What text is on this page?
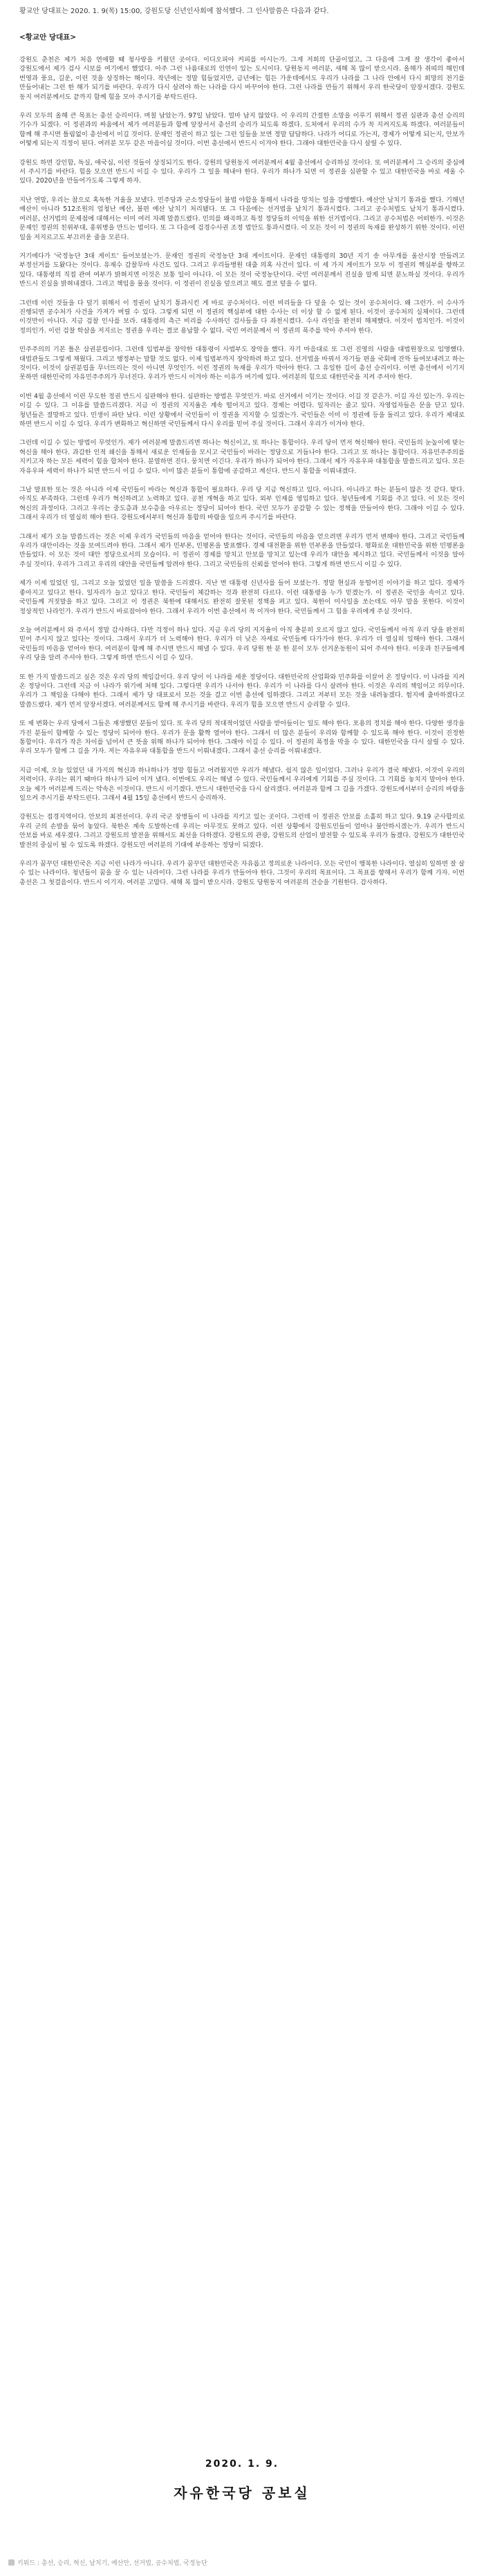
황교안 당대표는 2020. 1. 9(목) 15:00, 강원도당 신년인사회에 참석했다. 그 인사말씀은 다음과 같다.
<황교안 당대표>

강원도 춘천은 제가 처음 연애할 때 청사랑을 키웠던 곳이다. 이디오피아 커피를 아시는가. 그게 저희의 단골이었고, 그 다음에 그게 잘 생각이 좋아서 강원도에서 제가 검사 시보를 여기에서 했었다. 아주 그런 나름대로의 인연이 있는 도시이다. 당원동지 여러분, 새해 복 많이 받으시라. 올해가 쥐띠의 해인데 번영과 풍요, 길운, 이런 것을 상징하는 해이다. 작년에는 정말 힘들었지만, 금년에는 힘든 가운데에서도 우리가 나라를 그 나라 안에서 다시 희망의 전기를 만들어내는 그런 한 해가 되기를 바란다. 우리가 다시 살려야 하는 나라를 다시 바꾸어야 한다. 그런 나라를 만들기 위해서 우리 한국당이 앞장서겠다. 강원도 동지 여러분께서도 끝까지 함께 힘을 모아 주시기를 부탁드린다.

우리 모두의 올해 큰 목표는 총선 승리이다. 며칠 남았는가. 97일 남았다. 얼마 남지 않았다. 이 우리의 간절한 소망을 이루기 위해서 정권 심판과 총선 승리의 기수가 되겠다. 이 정권과의 싸움에서 제가 여러분들과 함께 앞장서서 총선의 승리가 되도록 하겠다. 도처에서 우리의 수가 꼭 지켜지도록 하겠다. 여러분들이 함께 해 주시면 틀림없이 총선에서 이길 것이다. 문재인 정권이 하고 있는 그런 일들을 보면 정말 답답하다. 나라가 어디로 가는지, 경제가 어떻게 되는지, 안보가 어떻게 되는지 걱정이 된다. 여러분 모두 같은 마음이실 것이다. 이번 총선에서 반드시 이겨야 한다. 그래야 대한민국을 다시 살릴 수 있다.

강원도 하면 강인함, 독실, 애국심, 이런 것들이 상징되기도 한다. 강원의 당원동지 여러분께서 4월 총선에서 승리하실 것이다. 또 여러분께서 그 승리의 중심에 서 주시기를 바란다. 힘을 모으면 반드시 이길 수 있다. 우리가 그 일을 해내야 한다. 우리가 하나가 되면 이 정권을 심판할 수 있고 대한민국을 바로 세울 수 있다. 2020년을 만들어가도록 그렇게 하자.

지난 연말, 우리는 참으로 혹독한 겨울을 보냈다. 민주당과 군소정당들이 불법 야합을 통해서 나라를 망치는 일을 강행했다. 예산안 날치기 통과를 했다. 기해년 예산이 아니라 512조원의 엄청난 예산, 불편 예산 날치기 처리됐다. 또 그 다음에는 선거법을 날치기 통과시켰다. 그리고 공수처법도 날치기 통과시켰다. 여러분, 선거법의 문제점에 대해서는 이미 여러 차례 말씀드렸다. 민의를 왜곡하고 특정 정당들의 이익을 위한 선거법이다. 그리고 공수처법은 어떠한가. 이것은 문재인 정권의 친위부대, 홍위병을 만드는 법이다. 또 그 다음에 검경수사권 조정 법안도 통과시켰다. 이 모든 것이 이 정권의 독재를 완성하기 위한 것이다. 이런 일을 저지르고도 부끄러운 줄을 모른다.

거기에다가 '국정농단 3대 게이트' 들어보셨는가. 문재인 정권의 국정농단 3대 게이트이다. 문재인 대통령의 30년 지기 송 아무개를 울산시장 만들려고 부정선거를 도왔다는 것이다. 유재수 감찰무마 사건도 있다. 그리고 우리들병원 대출 의혹 사건이 있다. 이 세 가지 게이트가 모두 이 정권의 핵심부를 향하고 있다. 대통령의 직접 관여 여부가 밝혀지면 이것은 보통 일이 아니다. 이 모든 것이 국정농단이다. 국민 여러분께서 진실을 알게 되면 분노하실 것이다. 우리가 반드시 진실을 밝혀내겠다. 그리고 책임을 물을 것이다. 이 정권이 진실을 덮으려고 해도 결코 덮을 수 없다.

그런데 이런 것들을 다 덮기 위해서 이 정권이 날치기 통과시킨 게 바로 공수처이다. 이런 비리들을 다 덮을 수 있는 것이 공수처이다. 왜 그런가. 이 수사가 진행되면 공수처가 사건을 가져가 버릴 수 있다. 그렇게 되면 이 정권의 핵심부에 대한 수사는 더 이상 할 수 없게 된다. 이것이 공수처의 실체이다. 그런데 이것만이 아니다. 지금 검찰 인사를 보라. 대통령의 측근 비리를 수사하던 검사들을 다 좌천시켰다. 수사 라인을 완전히 해체했다. 이것이 법치인가. 이것이 정의인가. 이런 검찰 학살을 저지르는 정권을 우리는 결코 용납할 수 없다. 국민 여러분께서 이 정권의 폭주를 막아 주셔야 한다.

민주주의의 기본 틀은 삼권분립이다. 그런데 입법부를 장악한 대통령이 사법부도 장악을 했다. 자기 마음대로 또 그런 진영의 사람을 대법원장으로 임명했다. 대법관들도 그렇게 채웠다. 그리고 행정부는 말할 것도 없다. 이제 입법부까지 장악하려 하고 있다. 선거법을 바꿔서 자기들 편을 국회에 잔뜩 들여보내려고 하는 것이다. 이것이 삼권분립을 무너뜨리는 것이 아니면 무엇인가. 이런 정권의 독재를 우리가 막아야 한다. 그 유일한 길이 총선 승리이다. 이번 총선에서 이기지 못하면 대한민국의 자유민주주의가 무너진다. 우리가 반드시 이겨야 하는 이유가 여기에 있다. 여러분의 힘으로 대한민국을 지켜 주셔야 한다.

이번 4월 총선에서 이런 무도한 정권 반드시 심판해야 한다. 심판하는 방법은 무엇인가. 바로 선거에서 이기는 것이다. 이길 것 같은가. 이길 자신 있는가. 우리는 이길 수 있다. 그 이유를 말씀드리겠다. 지금 이 정권의 지지율은 계속 떨어지고 있다. 경제는 어렵다. 일자리는 줄고 있다. 자영업자들은 문을 닫고 있다. 청년들은 절망하고 있다. 민생이 파탄 났다. 이런 상황에서 국민들이 이 정권을 지지할 수 있겠는가. 국민들은 이미 이 정권에 등을 돌리고 있다. 우리가 제대로 하면 반드시 이길 수 있다. 우리가 변화하고 혁신하면 국민들께서 다시 우리를 믿어 주실 것이다. 그래서 우리가 이겨야 한다.

그런데 이길 수 있는 방법이 무엇인가. 제가 여러분께 말씀드리면 하나는 혁신이고, 또 하나는 통합이다. 우리 당이 먼저 혁신해야 한다. 국민들의 눈높이에 맞는 혁신을 해야 한다. 과감한 인적 쇄신을 통해서 새로운 인재들을 모시고 국민들이 바라는 정당으로 거듭나야 한다. 그리고 또 하나는 통합이다. 자유민주주의를 지키고자 하는 모든 세력이 힘을 합쳐야 한다. 분열하면 진다. 뭉치면 이긴다. 우리가 하나가 되어야 한다. 그래서 제가 자유우파 대통합을 말씀드리고 있다. 모든 자유우파 세력이 하나가 되면 반드시 이길 수 있다. 이미 많은 분들이 통합에 공감하고 계신다. 반드시 통합을 이뤄내겠다.

그날 발표한 또는 것은 아니라 이제 국민들이 바라는 혁신과 통합이 필요하다. 우리 당 지금 혁신하고 있다. 아니다. 아니라고 하는 분들이 많은 것 같다. 맞다. 아직도 부족하다. 그런데 우리가 혁신하려고 노력하고 있다. 공천 개혁을 하고 있다. 외부 인재를 영입하고 있다. 청년들에게 기회를 주고 있다. 이 모든 것이 혁신의 과정이다. 그리고 우리는 중도층과 보수층을 아우르는 정당이 되어야 한다. 국민 모두가 공감할 수 있는 정책을 만들어야 한다. 그래야 이길 수 있다. 그래서 우리가 더 열심히 해야 한다. 강원도에서부터 혁신과 통합의 바람을 일으켜 주시기를 바란다.

그래서 제가 오늘 말씀드리는 것은 이제 우리가 국민들의 마음을 얻어야 한다는 것이다. 국민들의 마음을 얻으려면 우리가 먼저 변해야 한다. 그리고 국민들께 우리가 대안이라는 것을 보여드려야 한다. 그래서 제가 민부론, 민평론을 발표했다. 경제 대전환을 위한 민부론을 만들었다. 평화로운 대한민국을 위한 민평론을 만들었다. 이 모든 것이 대안 정당으로서의 모습이다. 이 정권이 경제를 망치고 안보를 망치고 있는데 우리가 대안을 제시하고 있다. 국민들께서 이것을 알아 주실 것이다. 우리가 그리고 우리의 대안을 국민들께 알려야 한다. 그리고 국민들의 신뢰를 얻어야 한다. 그렇게 하면 반드시 이길 수 있다.

제가 이제 있었던 일, 그리고 오늘 있었던 일을 말씀을 드리겠다. 지난 번 대통령 신년사를 들어 보셨는가. 정말 현실과 동떨어진 이야기를 하고 있다. 경제가 좋아지고 있다고 한다. 일자리가 늘고 있다고 한다. 국민들이 체감하는 것과 완전히 다르다. 이런 대통령을 누가 믿겠는가. 이 정권은 국민을 속이고 있다. 국민들께 거짓말을 하고 있다. 그리고 이 정권은 북한에 대해서도 완전히 잘못된 정책을 펴고 있다. 북한이 미사일을 쏘는데도 아무 말을 못한다. 이것이 정상적인 나라인가. 우리가 반드시 바로잡아야 한다. 그래서 우리가 이번 총선에서 꼭 이겨야 한다. 국민들께서 그 힘을 우리에게 주실 것이다.

오늘 여러분께서 와 주셔서 정말 감사하다. 다만 걱정이 하나 있다. 지금 우리 당의 지지율이 아직 충분히 오르지 않고 있다. 국민들께서 아직 우리 당을 완전히 믿어 주시지 않고 있다는 것이다. 그래서 우리가 더 노력해야 한다. 우리가 더 낮은 자세로 국민들께 다가가야 한다. 우리가 더 열심히 일해야 한다. 그래서 국민들의 마음을 얻어야 한다. 여러분이 함께 해 주시면 반드시 해낼 수 있다. 우리 당원 한 분 한 분이 모두 선거운동원이 되어 주셔야 한다. 이웃과 친구들에게 우리 당을 알려 주셔야 한다. 그렇게 하면 반드시 이길 수 있다.

또 한 가지 말씀드리고 싶은 것은 우리 당의 책임감이다. 우리 당이 이 나라를 세운 정당이다. 대한민국의 산업화와 민주화를 이끌어 온 정당이다. 이 나라를 지켜 온 정당이다. 그런데 지금 이 나라가 위기에 처해 있다. 그렇다면 우리가 나서야 한다. 우리가 이 나라를 다시 살려야 한다. 이것은 우리의 책임이고 의무이다. 우리가 그 책임을 다해야 한다. 그래서 제가 당 대표로서 모든 것을 걸고 이번 총선에 임하겠다. 그리고 저부터 모든 것을 내려놓겠다. 험지에 출마하겠다고 말씀드렸다. 제가 먼저 앞장서겠다. 여러분께서도 함께 해 주시기를 바란다. 우리가 힘을 모으면 반드시 승리할 수 있다.

또 제 변화는 우리 당에서 그들은 재생했던 분들이 있다. 또 우리 당의 적대적이었던 사람을 받아들이는 일도 해야 한다. 포용의 정치를 해야 한다. 다양한 생각을 가진 분들이 함께할 수 있는 정당이 되어야 한다. 우리가 문을 활짝 열어야 한다. 그래서 더 많은 분들이 우리와 함께할 수 있도록 해야 한다. 이것이 진정한 통합이다. 우리가 작은 차이를 넘어서 큰 뜻을 위해 하나가 되어야 한다. 그래야 이길 수 있다. 이 정권의 폭정을 막을 수 있다. 대한민국을 다시 살릴 수 있다. 우리 모두가 함께 그 길을 가자. 저는 자유우파 대통합을 반드시 이뤄내겠다. 그래서 총선 승리를 이뤄내겠다.

지금 이제, 오늘 있었던 내 가지의 혁신과 하나하나가 정말 힘들고 어려웠지만 우리가 해냈다. 쉽지 않은 일이었다. 그러나 우리가 결국 해냈다. 이것이 우리의 저력이다. 우리는 위기 때마다 하나가 되어 이겨 냈다. 이번에도 우리는 해낼 수 있다. 국민들께서 우리에게 기회를 주실 것이다. 그 기회를 놓치지 말아야 한다. 오늘 제가 여러분께 드리는 약속은 이것이다. 반드시 이기겠다. 반드시 대한민국을 다시 살리겠다. 여러분과 함께 그 길을 가겠다. 강원도에서부터 승리의 바람을 일으켜 주시기를 부탁드린다. 그래서 4월 15일 총선에서 반드시 승리하자.

강원도는 접경지역이다. 안보의 최전선이다. 우리 국군 장병들이 이 나라를 지키고 있는 곳이다. 그런데 이 정권은 안보를 소홀히 하고 있다. 9.19 군사합의로 우리 군의 손발을 묶어 놓았다. 북한은 계속 도발하는데 우리는 아무것도 못하고 있다. 이런 상황에서 강원도민들이 얼마나 불안하시겠는가. 우리가 반드시 안보를 바로 세우겠다. 그리고 강원도의 발전을 위해서도 최선을 다하겠다. 강원도의 관광, 강원도의 산업이 발전할 수 있도록 우리가 돕겠다. 강원도가 대한민국 발전의 중심이 될 수 있도록 하겠다. 강원도민 여러분의 기대에 부응하는 정당이 되겠다.

우리가 꿈꾸던 대한민국은 지금 이런 나라가 아니다. 우리가 꿈꾸던 대한민국은 자유롭고 정의로운 나라이다. 모든 국민이 행복한 나라이다. 열심히 일하면 잘 살 수 있는 나라이다. 청년들이 꿈을 꿀 수 있는 나라이다. 그런 나라를 우리가 만들어야 한다. 그것이 우리의 목표이다. 그 목표를 향해서 우리가 함께 가자. 이번 총선은 그 첫걸음이다. 반드시 이기자. 여러분 고맙다. 새해 복 많이 받으시라. 강원도 당원동지 여러분의 건승을 기원한다. 감사하다.

2020. 1. 9.
자유한국당 공보실
키워드 : 총선, 승리, 혁신, 날치기, 예산안, 선거법, 공수처법, 국정농단
